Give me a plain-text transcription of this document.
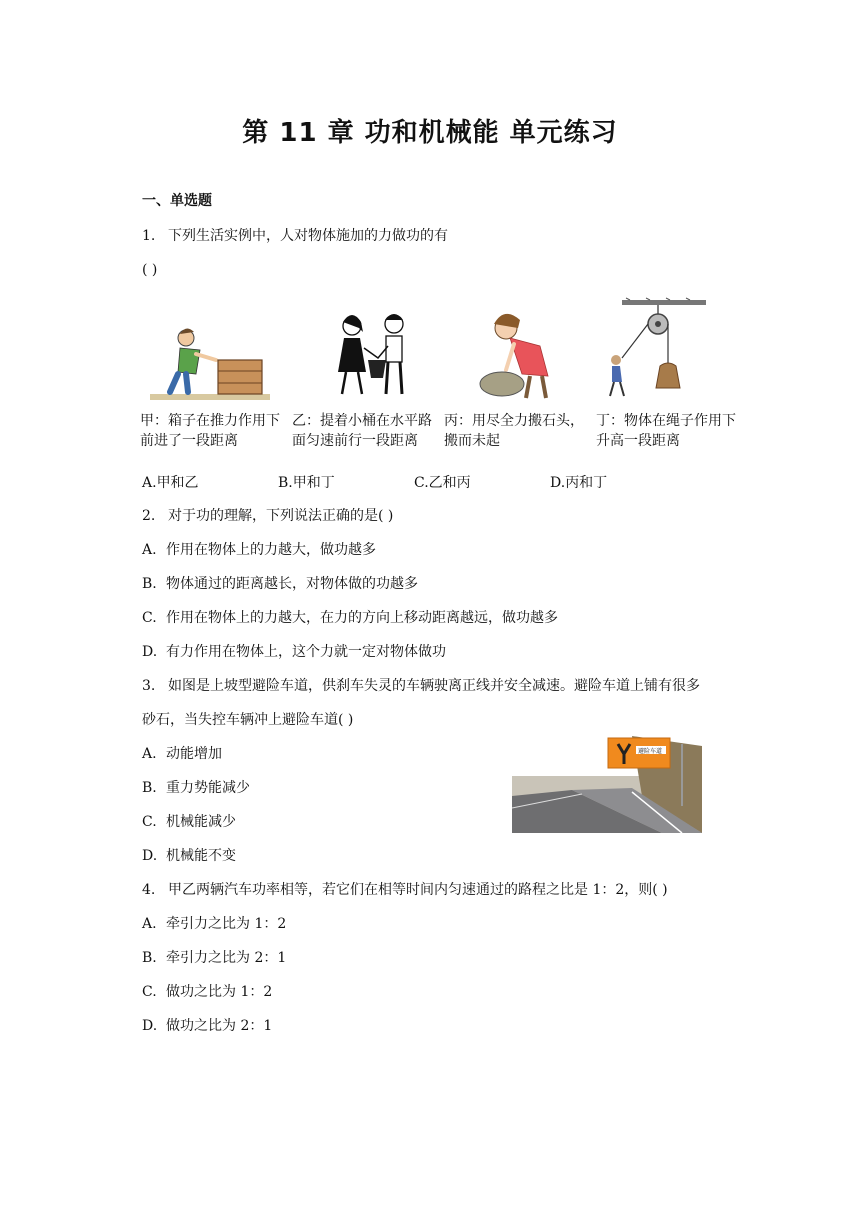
第 11 章 功和机械能 单元练习
一、单选题
1. 下列生活实例中，人对物体施加的力做功的有
( )
甲：箱子在推力作用下前进了一段距离
乙：提着小桶在水平路面匀速前行一段距离
丙：用尽全力搬石头，搬而未起
丁：物体在绳子作用下升高一段距离
A.甲和乙	B.甲和丁	C.乙和丙	D.丙和丁
2. 对于功的理解，下列说法正确的是( )
A. 作用在物体上的力越大，做功越多
B. 物体通过的距离越长，对物体做的功越多
C. 作用在物体上的力越大，在力的方向上移动距离越远，做功越多
D. 有力作用在物体上，这个力就一定对物体做功
3. 如图是上坡型避险车道，供刹车失灵的车辆驶离正线并安全减速。避险车道上铺有很多
砂石，当失控车辆冲上避险车道( )
A. 动能增加
B. 重力势能减少
C. 机械能减少
D. 机械能不变
避险车道
4. 甲乙两辆汽车功率相等，若它们在相等时间内匀速通过的路程之比是 1：2，则( )
A. 牵引力之比为 1：2
B. 牵引力之比为 2：1
C. 做功之比为 1：2
D. 做功之比为 2：1
